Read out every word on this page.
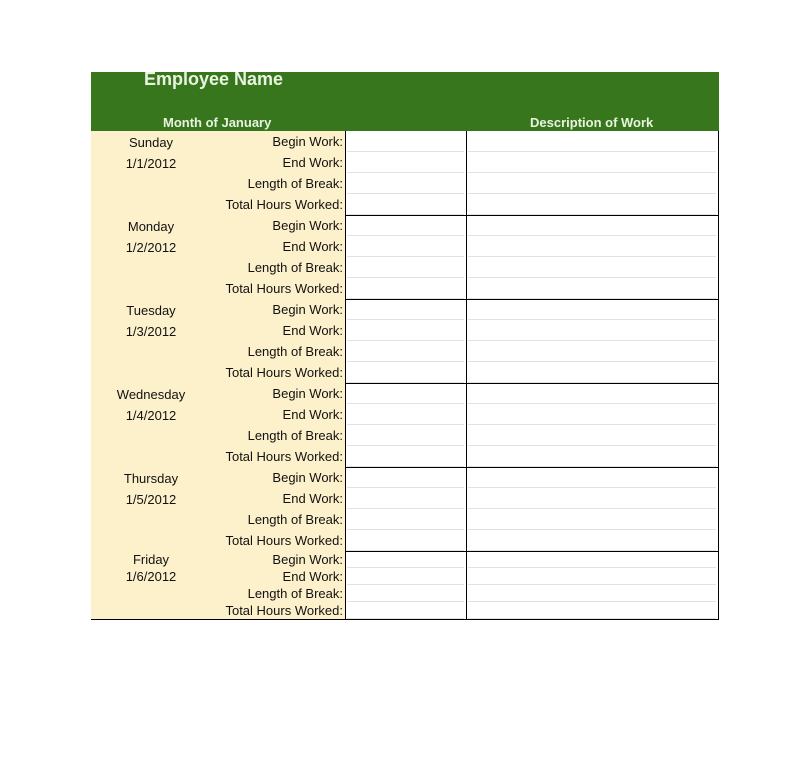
Employee Name
Month of January	Description of Work
Sunday
1/1/2012
Begin Work:
End Work:
Length of Break:
Total Hours Worked:
Monday
1/2/2012
Begin Work:
End Work:
Length of Break:
Total Hours Worked:
Tuesday
1/3/2012
Begin Work:
End Work:
Length of Break:
Total Hours Worked:
Wednesday
1/4/2012
Begin Work:
End Work:
Length of Break:
Total Hours Worked:
Thursday
1/5/2012
Begin Work:
End Work:
Length of Break:
Total Hours Worked:
Friday
1/6/2012
Begin Work:
End Work:
Length of Break:
Total Hours Worked:
